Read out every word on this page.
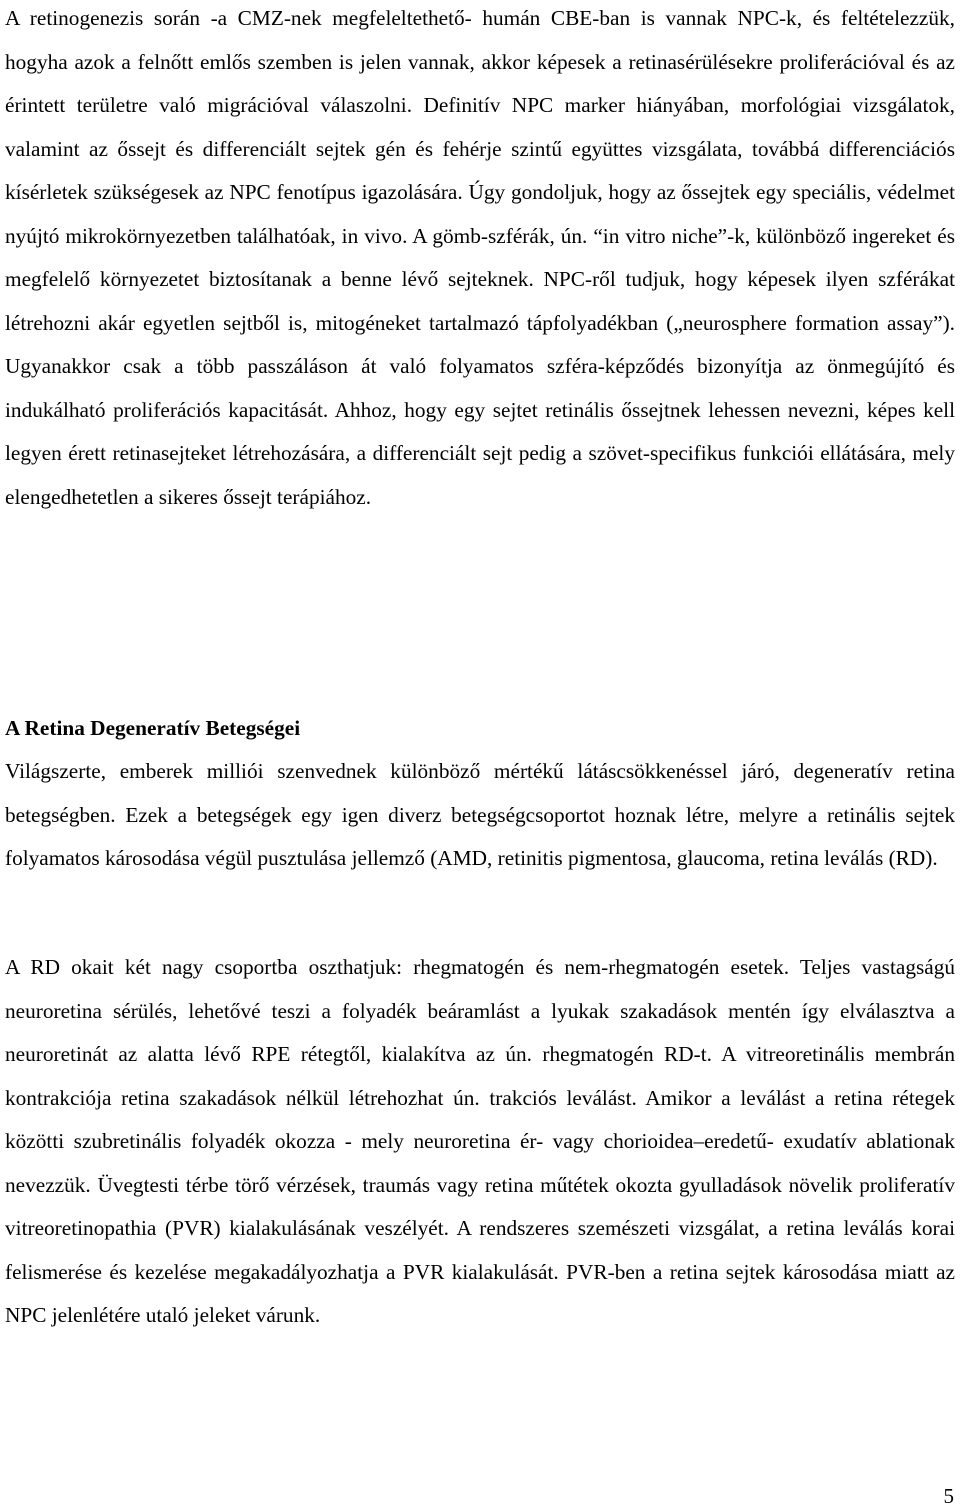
A retinogenezis során -a CMZ-nek megfeleltethető- humán CBE-ban is vannak NPC-k, és feltételezzük, hogyha azok a felnőtt emlős szemben is jelen vannak, akkor képesek a retinasérülésekre proliferációval és az érintett területre való migrációval válaszolni. Definitív NPC marker hiányában, morfológiai vizsgálatok, valamint az őssejt és differenciált sejtek gén és fehérje szintű együttes vizsgálata, továbbá differenciációs kísérletek szükségesek az NPC fenotípus igazolására. Úgy gondoljuk, hogy az őssejtek egy speciális, védelmet nyújtó mikrokörnyezetben találhatóak, in vivo. A gömb-szférák, ún. “in vitro niche”-k, különböző ingereket és megfelelő környezetet biztosítanak a benne lévő sejteknek. NPC-ről tudjuk, hogy képesek ilyen szférákat létrehozni akár egyetlen sejtből is, mitogéneket tartalmazó tápfolyadékban („neurosphere formation assay”). Ugyanakkor csak a több passzáláson át való folyamatos szféra-képződés bizonyítja az önmegújító és indukálható proliferációs kapacitását. Ahhoz, hogy egy sejtet retinális őssejtnek lehessen nevezni, képes kell legyen érett retinasejteket létrehozására, a differenciált sejt pedig a szövet-specifikus funkciói ellátására, mely elengedhetetlen a sikeres őssejt terápiához.

A Retina Degeneratív Betegségei

Világszerte, emberek milliói szenvednek különböző mértékű látáscsökkenéssel járó, degeneratív retina betegségben. Ezek a betegségek egy igen diverz betegségcsoportot hoznak létre, melyre a retinális sejtek folyamatos károsodása végül pusztulása jellemző (AMD, retinitis pigmentosa, glaucoma, retina leválás (RD).

A RD okait két nagy csoportba oszthatjuk: rhegmatogén és nem-rhegmatogén esetek. Teljes vastagságú neuroretina sérülés, lehetővé teszi a folyadék beáramlást a lyukak szakadások mentén így elválasztva a neuroretinát az alatta lévő RPE rétegtől, kialakítva az ún. rhegmatogén RD-t. A vitreoretinális membrán kontrakciója retina szakadások nélkül létrehozhat ún. trakciós leválást. Amikor a leválást a retina rétegek közötti szubretinális folyadék okozza - mely neuroretina ér- vagy chorioidea–eredetű- exudatív ablationak nevezzük. Üvegtesti térbe törő vérzések, traumás vagy retina műtétek okozta gyulladások növelik proliferatív vitreoretinopathia (PVR) kialakulásának veszélyét. A rendszeres szemészeti vizsgálat, a retina leválás korai felismerése és kezelése megakadályozhatja a PVR kialakulását. PVR-ben a retina sejtek károsodása miatt az NPC jelenlétére utaló jeleket várunk.

5
